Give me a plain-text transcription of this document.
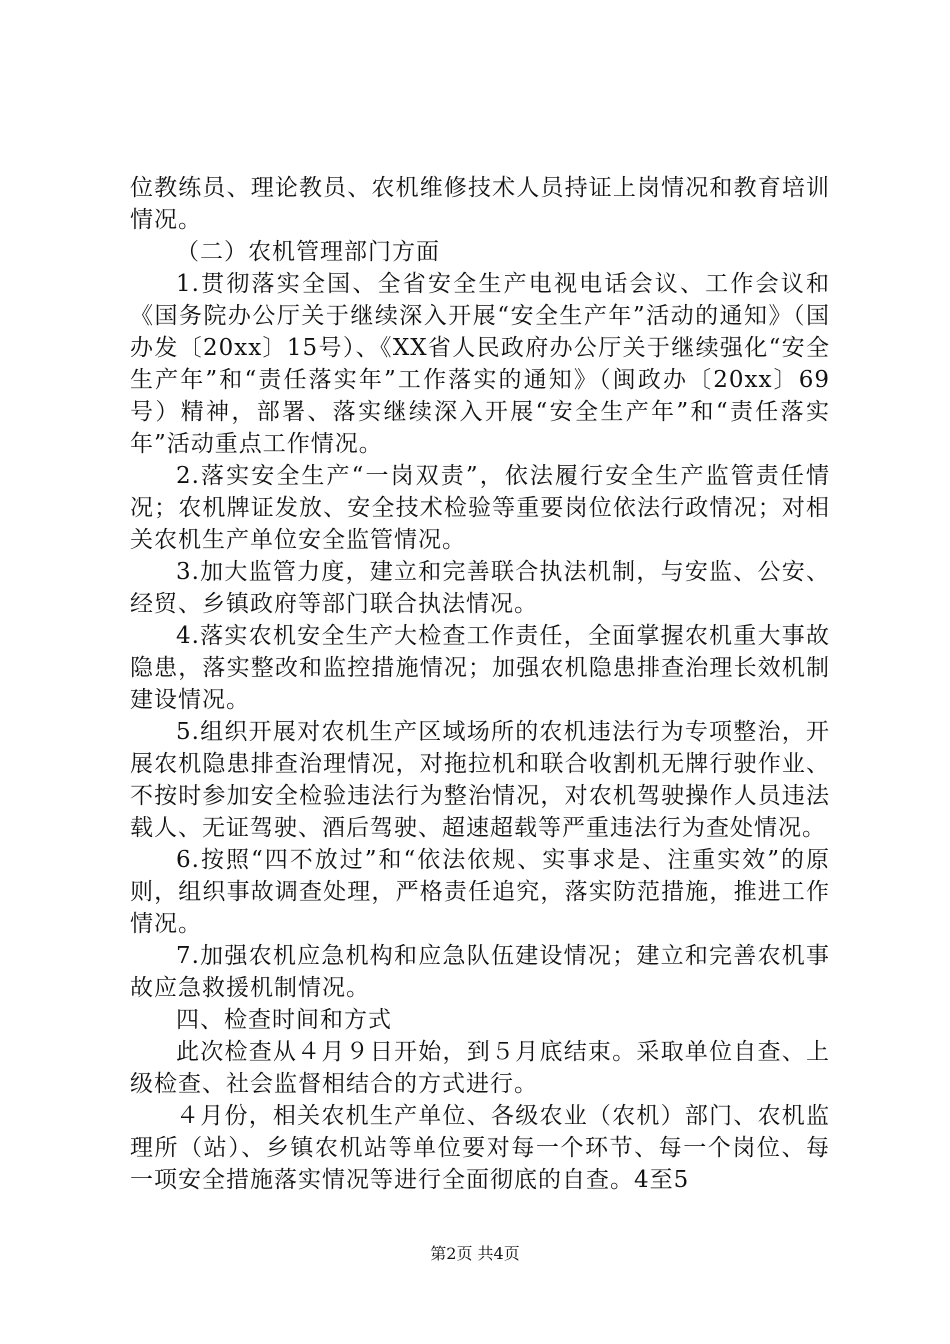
位教练员、理论教员、农机维修技术人员持证上岗情况和教育培训情况。

（二）农机管理部门方面

1.贯彻落实全国、全省安全生产电视电话会议、工作会议和《国务院办公厅关于继续深入开展“安全生产年”活动的通知》（国办发〔20xx〕15号）、《XX省人民政府办公厅关于继续强化“安全生产年”和“责任落实年”工作落实的通知》（闽政办〔20xx〕69号）精神，部署、落实继续深入开展“安全生产年”和“责任落实年”活动重点工作情况。

2.落实安全生产“一岗双责”，依法履行安全生产监管责任情况；农机牌证发放、安全技术检验等重要岗位依法行政情况；对相关农机生产单位安全监管情况。

3.加大监管力度，建立和完善联合执法机制，与安监、公安、经贸、乡镇政府等部门联合执法情况。

4.落实农机安全生产大检查工作责任，全面掌握农机重大事故隐患，落实整改和监控措施情况；加强农机隐患排查治理长效机制建设情况。

5.组织开展对农机生产区域场所的农机违法行为专项整治，开展农机隐患排查治理情况，对拖拉机和联合收割机无牌行驶作业、不按时参加安全检验违法行为整治情况，对农机驾驶操作人员违法载人、无证驾驶、酒后驾驶、超速超载等严重违法行为查处情况。

6.按照“四不放过”和“依法依规、实事求是、注重实效”的原则，组织事故调查处理，严格责任追究，落实防范措施，推进工作情况。

7.加强农机应急机构和应急队伍建设情况；建立和完善农机事故应急救援机制情况。

四、检查时间和方式

此次检查从４月９日开始，到５月底结束。采取单位自查、上级检查、社会监督相结合的方式进行。

４月份，相关农机生产单位、各级农业（农机）部门、农机监理所（站）、乡镇农机站等单位要对每一个环节、每一个岗位、每一项安全措施落实情况等进行全面彻底的自查。4至5

第2页 共4页
